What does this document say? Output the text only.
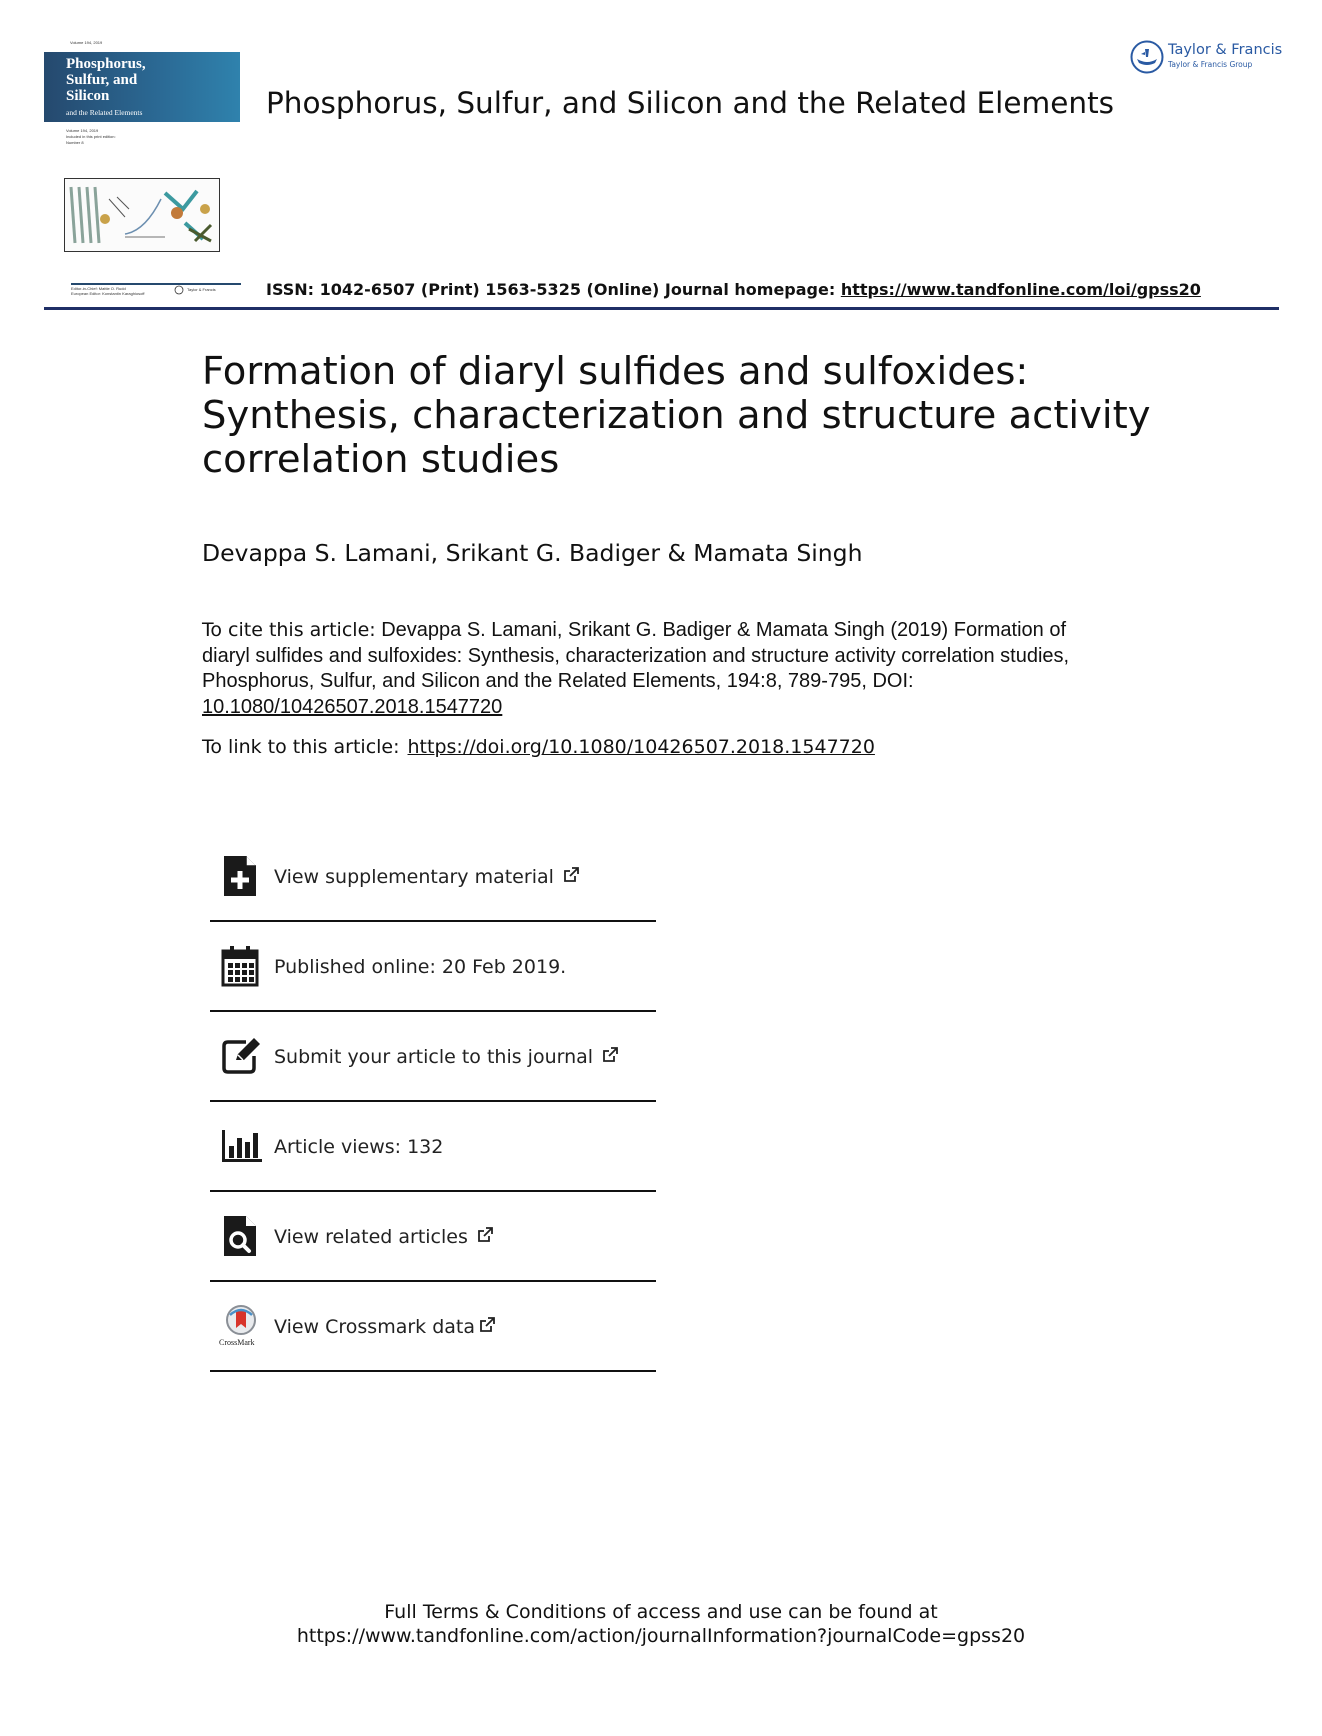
Volume 194, 2019
Phosphorus,
Sulfur, and
Silicon
and the Related Elements
Volume 194, 2019
Included in this print edition:
Number 8
Editor-in-Chief: Mattie O. Rudd
European Editor: Konstantin Karaghiosoff
Taylor & Francis
Taylor & Francis
Taylor & Francis Group
Phosphorus, Sulfur, and Silicon and the Related Elements
ISSN: 1042-6507 (Print) 1563-5325 (Online) Journal homepage: https://www.tandfonline.com/loi/gpss20
Formation of diaryl sulfides and sulfoxides:
Synthesis, characterization and structure activity
correlation studies
Devappa S. Lamani, Srikant G. Badiger & Mamata Singh
To cite this article: Devappa S. Lamani, Srikant G. Badiger & Mamata Singh (2019) Formation of diaryl sulfides and sulfoxides: Synthesis, characterization and structure activity correlation studies, Phosphorus, Sulfur, and Silicon and the Related Elements, 194:8, 789-795, DOI: 10.1080/10426507.2018.1547720
To link to this article: https://doi.org/10.1080/10426507.2018.1547720
View supplementary material
Published online: 20 Feb 2019.
Submit your article to this journal
Article views: 132
View related articles
CrossMark
View Crossmark data
Full Terms & Conditions of access and use can be found at
https://www.tandfonline.com/action/journalInformation?journalCode=gpss20
